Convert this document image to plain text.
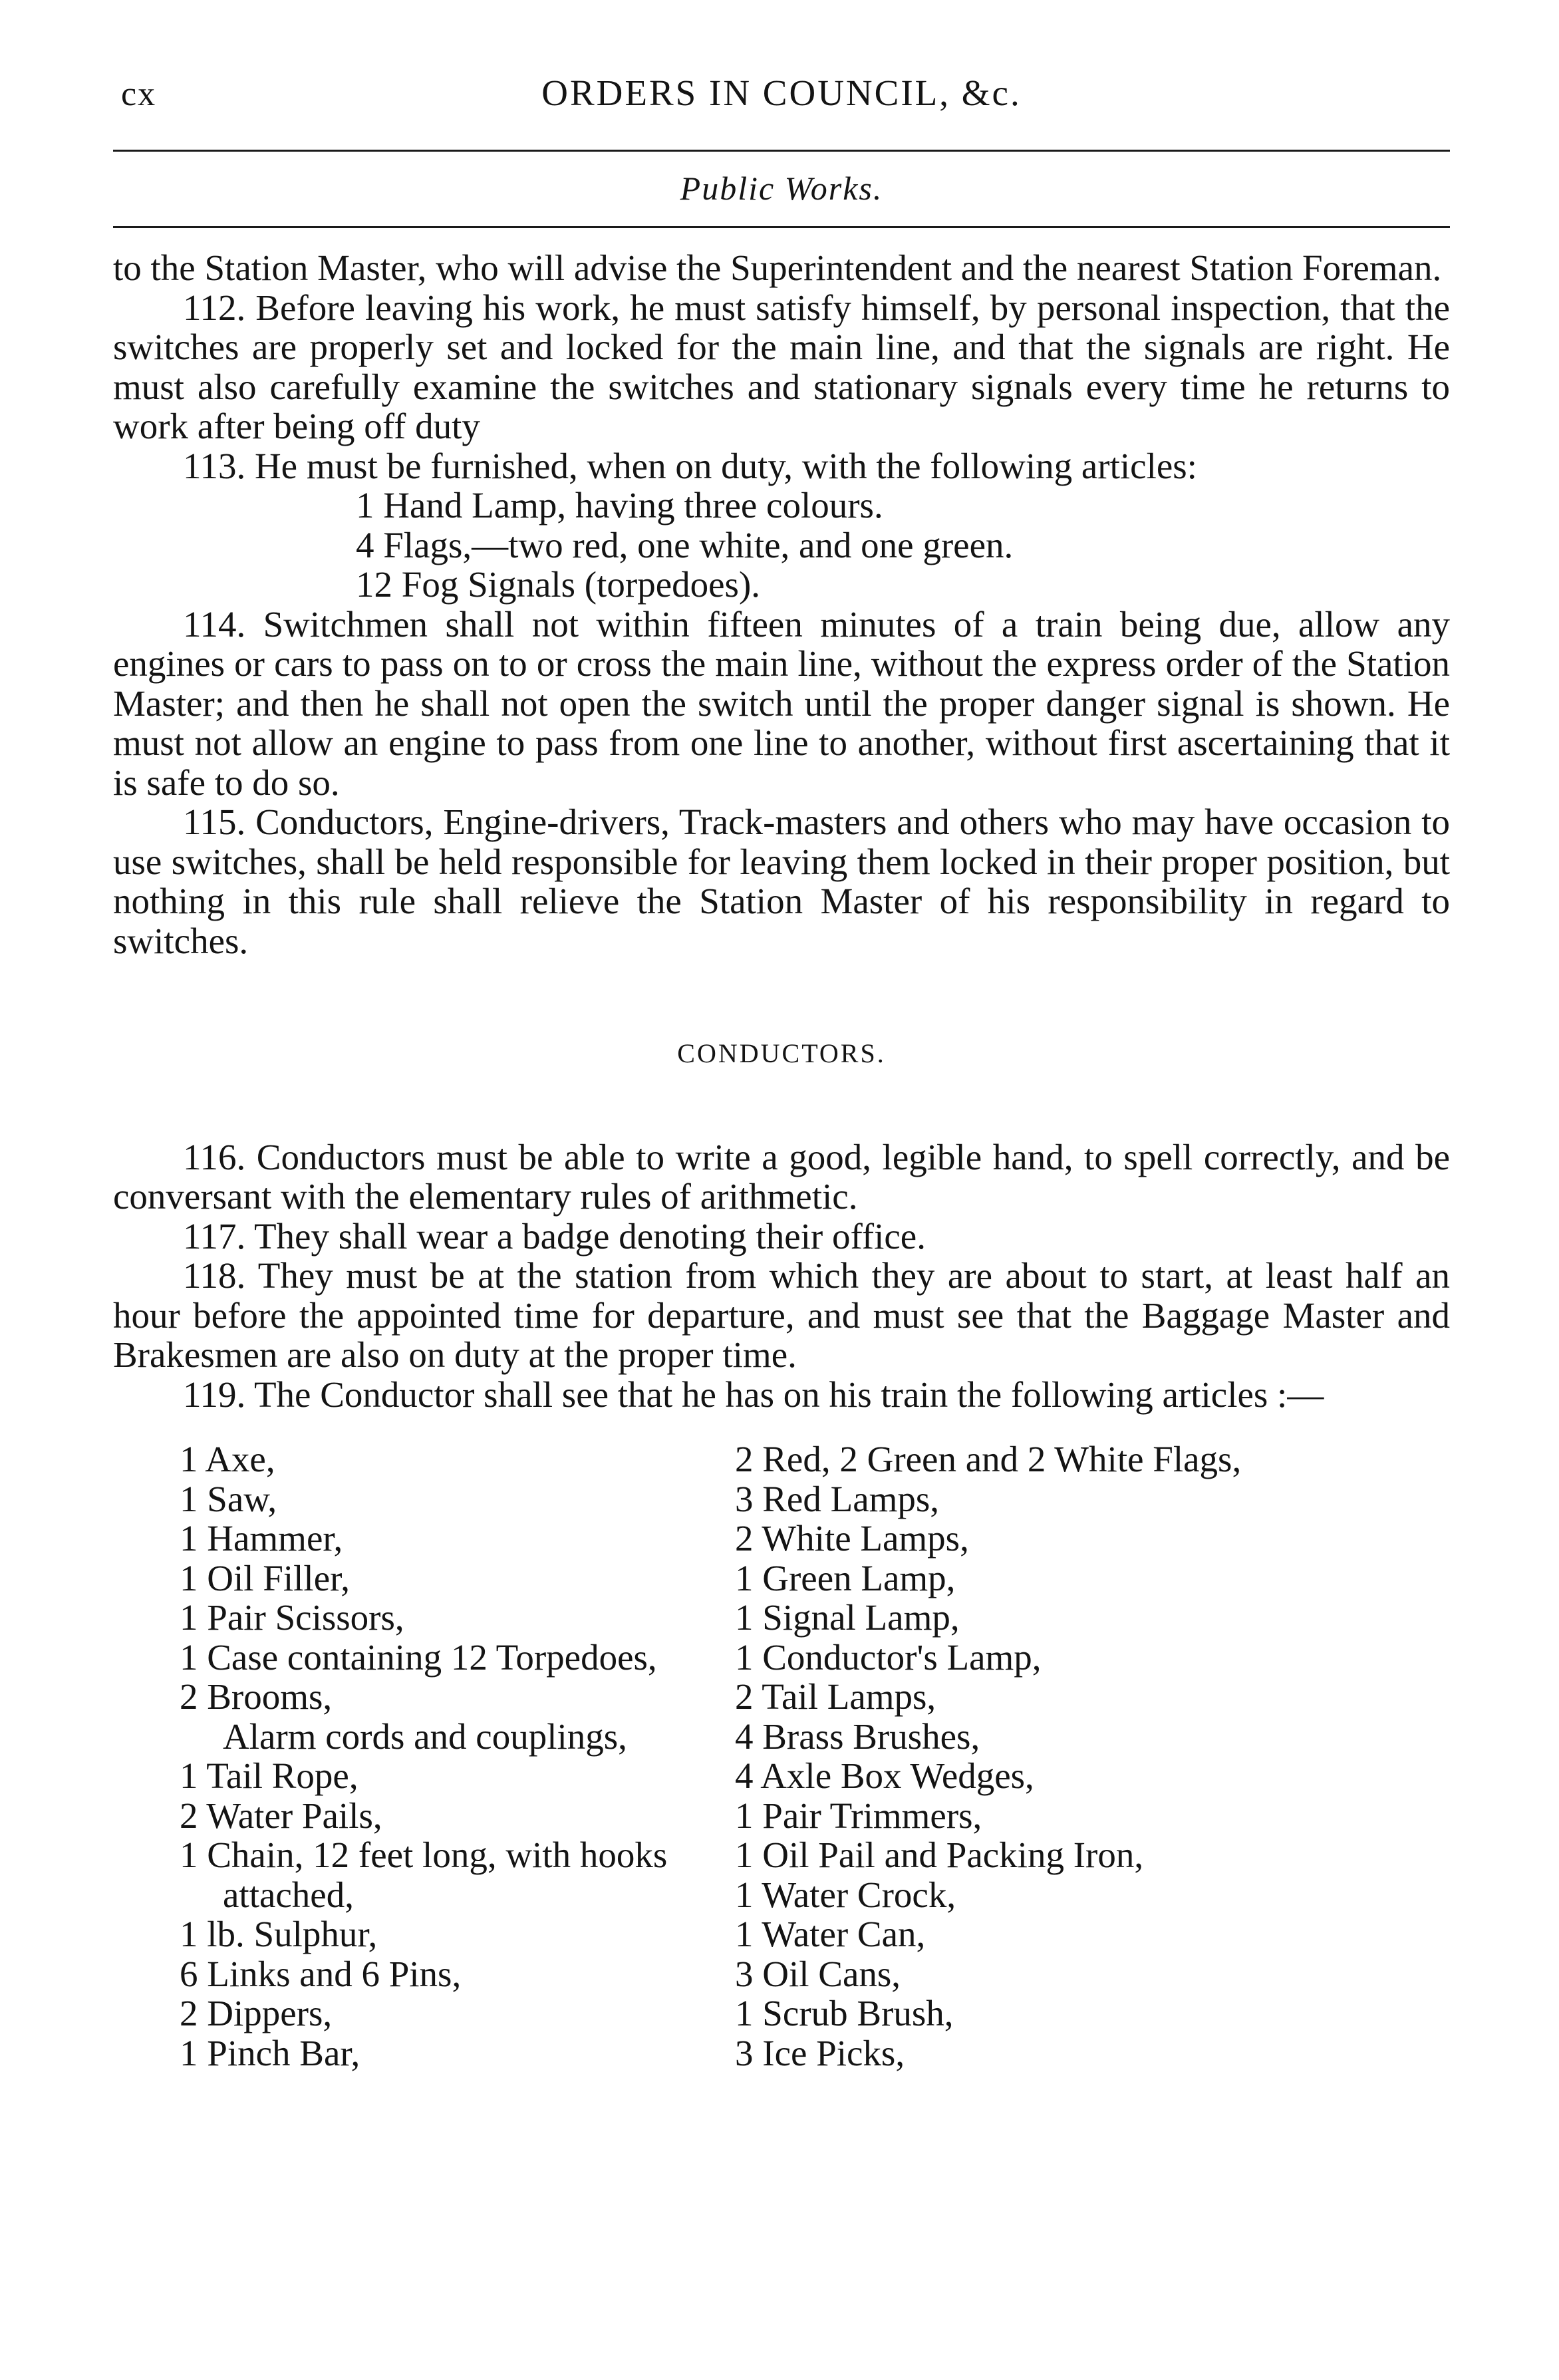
cx	ORDERS IN COUNCIL, &c.
Public Works.

to the Station Master, who will advise the Superintendent and the nearest Station Foreman.

112. Before leaving his work, he must satisfy himself, by personal inspection, that the switches are properly set and locked for the main line, and that the signals are right. He must also carefully examine the switches and stationary signals every time he returns to work after being off duty

113. He must be furnished, when on duty, with the following articles:

1 Hand Lamp, having three colours.

4 Flags,—two red, one white, and one green.

12 Fog Signals (torpedoes).

114. Switchmen shall not within fifteen minutes of a train being due, allow any engines or cars to pass on to or cross the main line, without the express order of the Station Master; and then he shall not open the switch until the proper danger signal is shown. He must not allow an engine to pass from one line to another, without first ascertaining that it is safe to do so.

115. Conductors, Engine-drivers, Track-masters and others who may have occasion to use switches, shall be held responsible for leaving them locked in their proper position, but nothing in this rule shall relieve the Station Master of his responsibility in regard to switches.

CONDUCTORS.

116. Conductors must be able to write a good, legible hand, to spell correctly, and be conversant with the elementary rules of arithmetic.

117. They shall wear a badge denoting their office.

118. They must be at the station from which they are about to start, at least half an hour before the appointed time for departure, and must see that the Baggage Master and Brakesmen are also on duty at the proper time.

119. The Conductor shall see that he has on his train the following articles :—

1 Axe,
1 Saw,
1 Hammer,
1 Oil Filler,
1 Pair Scissors,
1 Case containing 12 Torpedoes,
2 Brooms,
Alarm cords and couplings,
1 Tail Rope,
2 Water Pails,
1 Chain, 12 feet long, with hooks
attached,
1 lb. Sulphur,
6 Links and 6 Pins,
2 Dippers,
1 Pinch Bar,
2 Red, 2 Green and 2 White Flags,
3 Red Lamps,
2 White Lamps,
1 Green Lamp,
1 Signal Lamp,
1 Conductor's Lamp,
2 Tail Lamps,
4 Brass Brushes,
4 Axle Box Wedges,
1 Pair Trimmers,
1 Oil Pail and Packing Iron,
1 Water Crock,
1 Water Can,
3 Oil Cans,
1 Scrub Brush,
3 Ice Picks,
